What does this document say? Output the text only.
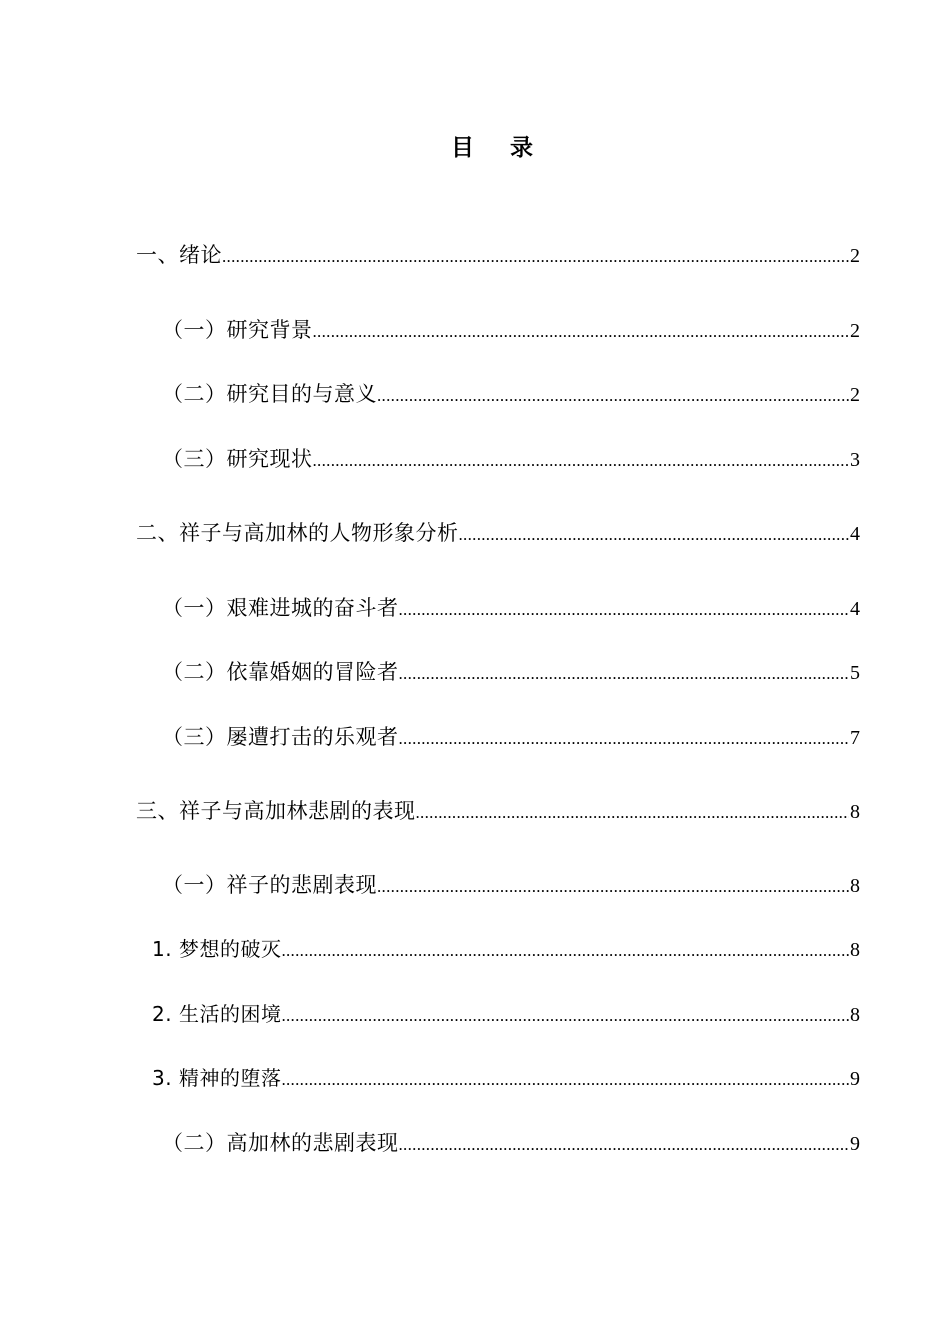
目 录
一、绪论 .....	2
（一）研究背景 .....	2
（二）研究目的与意义 .....	2
（三）研究现状 .....	3
二、祥子与高加林的人物形象分析 .....	4
（一）艰难进城的奋斗者 .....	4
（二）依靠婚姻的冒险者 .....	5
（三）屡遭打击的乐观者 .....	7
三、祥子与高加林悲剧的表现 .....	8
（一）祥子的悲剧表现 .....	8
1. 梦想的破灭 .....	8
2. 生活的困境 .....	8
3. 精神的堕落 .....	9
（二）高加林的悲剧表现 .....	9
